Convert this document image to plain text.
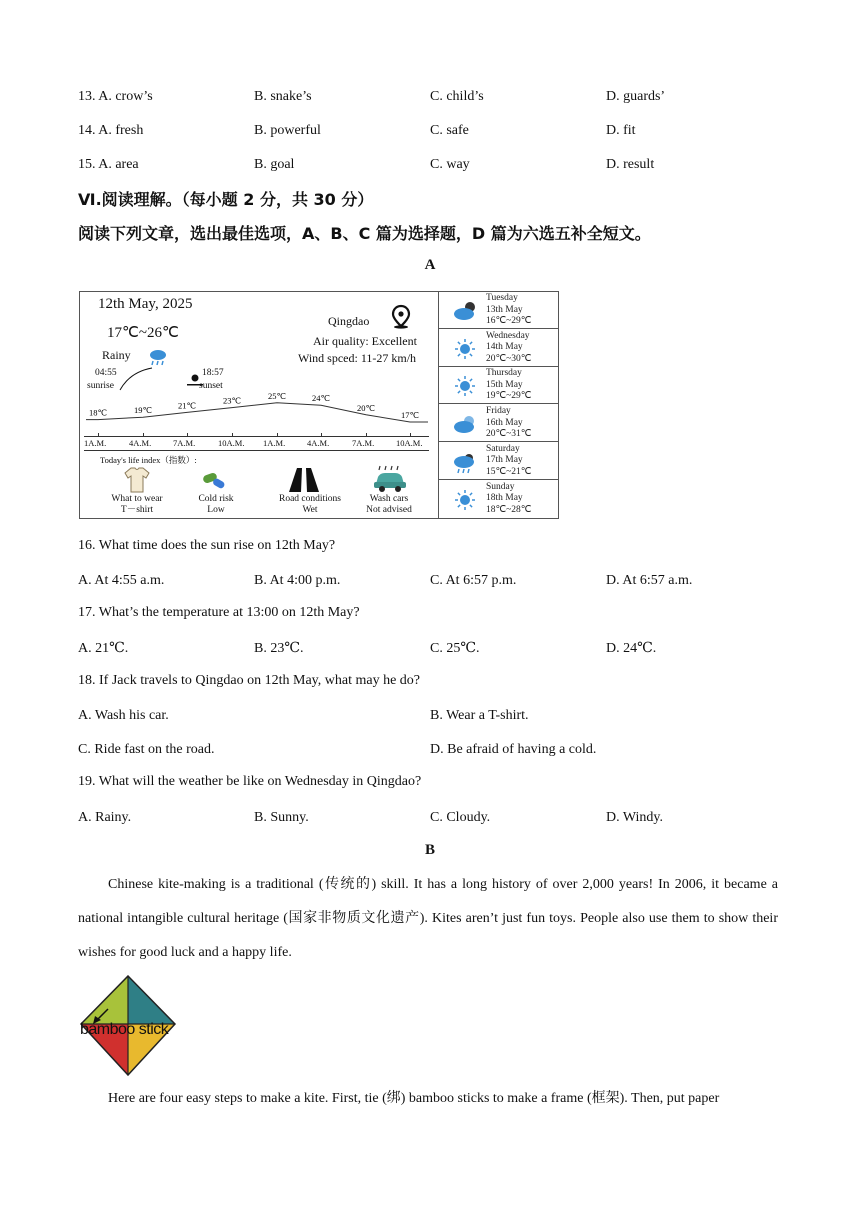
13. A. crow’s	B. snake’s	C. child’s	D. guards’
14. A. fresh	B. powerful	C. safe	D. fit
15. A. area	B. goal	C. way	D. result
Ⅵ.阅读理解。（每小题 2 分，共 30 分）
阅读下列文章，选出最佳选项，A、B、C 篇为选择题，D 篇为六选五补全短文。
A
12th May, 2025
17℃~26℃
Rainy
Qingdao
Air quality: Excellent
Wind spced: 11-27 km/h
04:55
sunrise
18:57
sunset
18℃	19℃	21℃	23℃	25℃	24℃
20℃
17℃
1A.M.	4A.M.	7A.M.	10A.M. 1A.M.	4A.M.	7A.M.	10A.M.
Today's life index（指数）:
What to wear
T－shirt
Cold risk
Low
Road conditions
Wet
Wash cars
Not advised
Tuesday
13th May
16℃~29℃
Wednesday
14th May
20℃~30℃
Thursday
15th May
19℃~29℃
Friday
16th May
20℃~31℃
Saturday
17th May
15℃~21℃
Sunday
18th May
18℃~28℃
16. What time does the sun rise on 12th May?
A. At 4:55 a.m.	B. At 4:00 p.m.	C. At 6:57 p.m.	D. At 6:57 a.m.
17. What’s the temperature at 13:00 on 12th May?
A. 21℃.	B. 23℃.	C. 25℃.	D. 24℃.
18. If Jack travels to Qingdao on 12th May, what may he do?
A. Wash his car.	B. Wear a T-shirt.
C. Ride fast on the road.	D. Be afraid of having a cold.
19. What will the weather be like on Wednesday in Qingdao?
A. Rainy.	B. Sunny.	C. Cloudy.	D. Windy.
B

Chinese kite-making is a traditional (传统的) skill. It has a long history of over 2,000 years! In 2006, it became a national intangible cultural heritage (国家非物质文化遗产). Kites aren’t just fun toys. People also use them to show their wishes for good luck and a happy life.

bamboo stick

Here are four easy steps to make a kite. First, tie (绑) bamboo sticks to make a frame (框架). Then, put paper
